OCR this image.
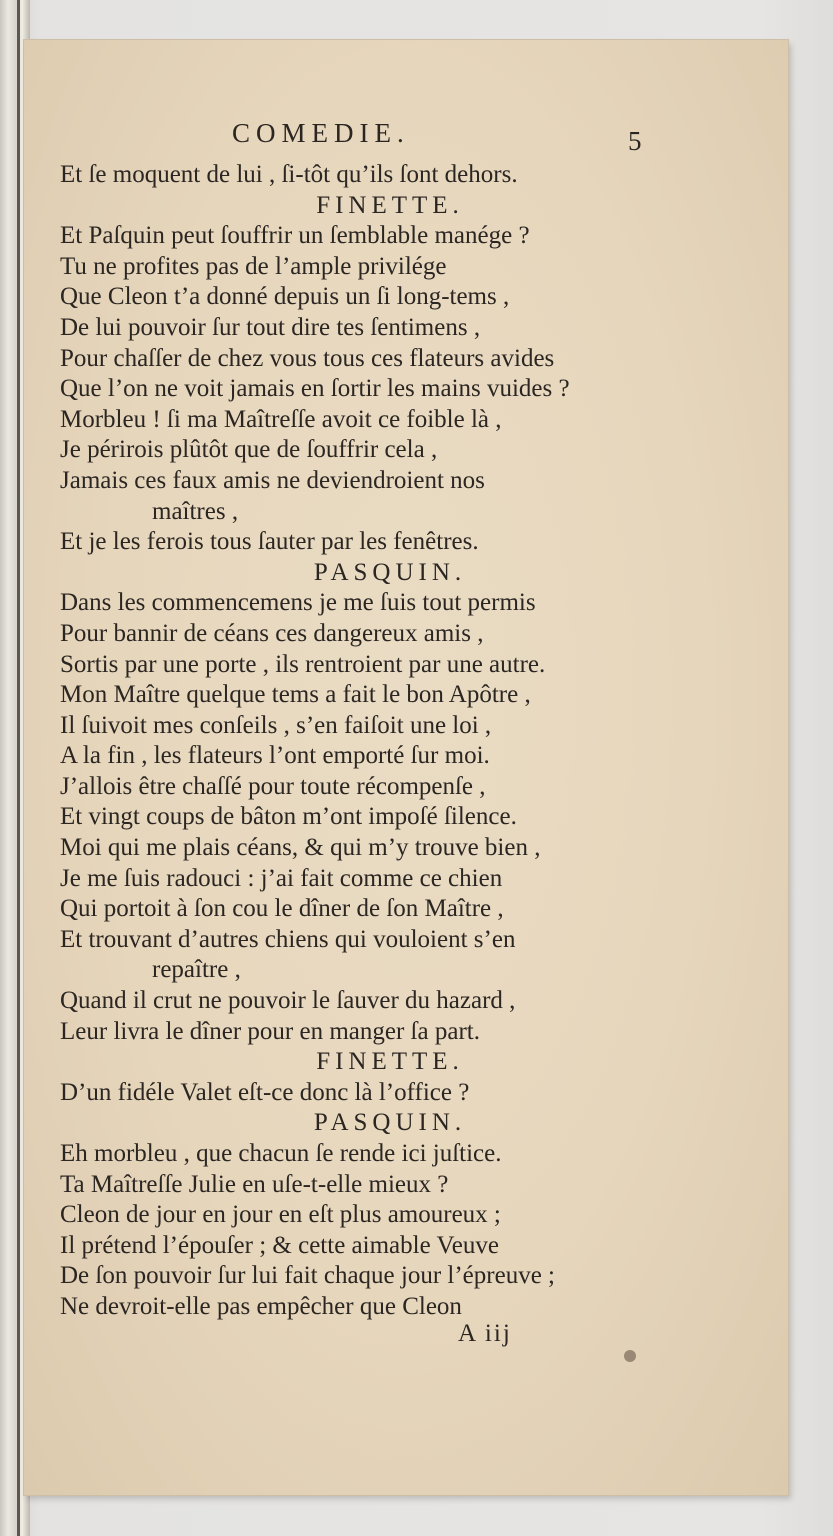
COMEDIE.	5
Et ſe moquent de lui , ſi-tôt qu’ils ſont dehors.
FINETTE.
Et Paſquin peut ſouffrir un ſemblable manége ?
Tu ne profites pas de l’ample privilége
Que Cleon t’a donné depuis un ſi long-tems ,
De lui pouvoir ſur tout dire tes ſentimens ,
Pour chaſſer de chez vous tous ces flateurs avides
Que l’on ne voit jamais en ſortir les mains vuides ?
Morbleu ! ſi ma Maîtreſſe avoit ce foible là ,
Je périrois plûtôt que de ſouffrir cela ,
Jamais ces faux amis ne deviendroient nos
maîtres ,
Et je les ferois tous ſauter par les fenêtres.
PASQUIN.
Dans les commencemens je me ſuis tout permis
Pour bannir de céans ces dangereux amis ,
Sortis par une porte , ils rentroient par une autre.
Mon Maître quelque tems a fait le bon Apôtre ,
Il ſuivoit mes conſeils , s’en faiſoit une loi ,
A la fin , les flateurs l’ont emporté ſur moi.
J’allois être chaſſé pour toute récompenſe ,
Et vingt coups de bâton m’ont impoſé ſilence.
Moi qui me plais céans, & qui m’y trouve bien ,
Je me ſuis radouci : j’ai fait comme ce chien
Qui portoit à ſon cou le dîner de ſon Maître ,
Et trouvant d’autres chiens qui vouloient s’en
repaître ,
Quand il crut ne pouvoir le ſauver du hazard ,
Leur livra le dîner pour en manger ſa part.
FINETTE.
D’un fidéle Valet eſt-ce donc là l’office ?
PASQUIN.
Eh morbleu , que chacun ſe rende ici juſtice.
Ta Maîtreſſe Julie en uſe-t-elle mieux ?
Cleon de jour en jour en eſt plus amoureux ;
Il prétend l’épouſer ; & cette aimable Veuve
De ſon pouvoir ſur lui fait chaque jour l’épreuve ;
Ne devroit-elle pas empêcher que Cleon
A iij
